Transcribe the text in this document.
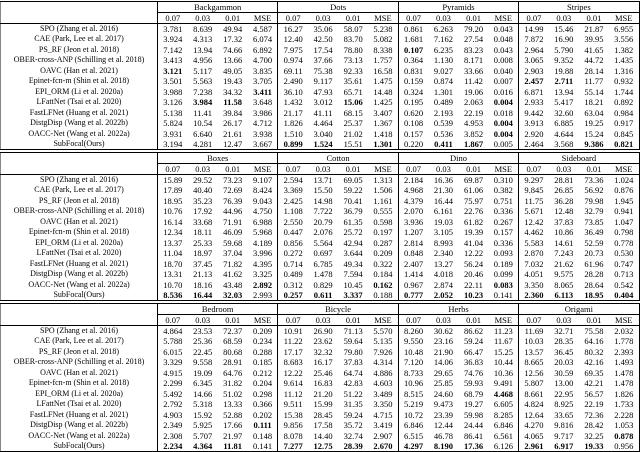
	Backgammon				Dots				Pyramids				Stripes			
	0.07	0.03	0.01	MSE	0.07	0.03	0.01	MSE	0.07	0.03	0.01	MSE	0.07	0.03	0.01	MSE
SPO (Zhang et al. 2016)	3.781	8.639	49.94	4.587	16.27	35.06	58.07	5.238	0.861	6.263	79.20	0.043	14.99	15.46	21.87	6.955
CAE (Park, Lee et al. 2017)	3.924	4.313	17.32	6.074	12.40	42.50	83.70	5.082	1.681	7.162	27.54	0.048	7.872	16.90	39.95	3.556
PS_RF (Jeon et al. 2018)	7.142	13.94	74.66	6.892	7.975	17.54	78.80	8.338	0.107	6.235	83.23	0.043	2.964	5.790	41.65	1.382
OBER-cross-ANP (Schilling et al. 2018)	3.413	4.956	13.66	4.700	0.974	37.66	73.13	1.757	0.364	1.130	8.171	0.008	3.065	9.352	44.72	1.435
OAVC (Han et al. 2021)	3.121	5.117	49.05	3.835	69.11	75.38	92.33	16.58	0.831	9.027	33.66	0.040	2.903	19.88	28.14	1.316
Epinet-fcn-m (Shin et al. 2018)	3.501	5.563	19.43	3.705	2.490	9.117	35.61	1.475	0.159	0.874	11.42	0.007	2.457	2.711	11.77	0.932
EPI_ORM (Li et al. 2020a)	3.988	7.238	34.32	3.411	36.10	47.93	65.71	14.48	0.324	1.301	19.06	0.016	6.871	13.94	55.14	1.744
LFattNet (Tsai et al. 2020)	3.126	3.984	11.58	3.648	1.432	3.012	15.06	1.425	0.195	0.489	2.063	0.004	2.933	5.417	18.21	0.892
FastLFNet (Huang et al. 2021)	5.138	11.41	39.84	3.986	21.17	41.11	68.15	3.407	0.620	2.193	22.19	0.018	9.442	32.60	63.04	0.984
DistgDisp (Wang et al. 2022b)	5.824	10.54	26.17	4.712	1.826	4.464	25.37	1.367	0.108	0.539	4.953	0.004	3.913	6.885	19.25	0.917
OACC-Net (Wang et al. 2022a)	3.931	6.640	21.61	3.938	1.510	3.040	21.02	1.418	0.157	0.536	3.852	0.004	2.920	4.644	15.24	0.845
SubFocal(Ours)	3.194	4.281	12.47	3.667	0.899	1.524	15.51	1.301	0.220	0.411	1.867	0.005	2.464	3.568	9.386	0.821
	Boxes				Cotton				Dino				Sideboard			
	0.07	0.03	0.01	MSE	0.07	0.03	0.01	MSE	0.07	0.03	0.01	MSE	0.07	0.03	0.01	MSE
SPO (Zhang et al. 2016)	15.89	29.52	73.23	9.107	2.594	13.71	69.05	1.313	2.184	16.36	69.87	0.310	9.297	28.81	73.36	1.024
CAE (Park, Lee et al. 2017)	17.89	40.40	72.69	8.424	3.369	15.50	59.22	1.506	4.968	21.30	61.06	0.382	9.845	26.85	56.92	0.876
PS_RF (Jeon et al. 2018)	18.95	35.23	76.39	9.043	2.425	14.98	70.41	1.161	4.379	16.44	75.97	0.751	11.75	36.28	79.98	1.945
OBER-cross-ANP (Schilling et al. 2018)	10.76	17.92	44.96	4.750	1.108	7.722	36.79	0.555	2.070	6.161	22.76	0.336	5.671	12.48	32.79	0.941
OAVC (Han et al. 2021)	16.14	33.68	71.91	6.988	2.550	20.79	61.35	0.598	3.936	19.03	61.82	0.267	12.42	37.83	73.85	1.047
Epinet-fcn-m (Shin et al. 2018)	12.34	18.11	46.09	5.968	0.447	2.076	25.72	0.197	1.207	3.105	19.39	0.157	4.462	10.86	36.49	0.798
EPI_ORM (Li et al. 2020a)	13.37	25.33	59.68	4.189	0.856	5.564	42.94	0.287	2.814	8.993	41.04	0.336	5.583	14.61	52.59	0.778
LFattNet (Tsai et al. 2020)	11.04	18.97	37.04	3.996	0.272	0.697	3.644	0.209	0.848	2.340	12.22	0.093	2.870	7.243	20.73	0.530
FastLFNet (Huang et al. 2021)	18.70	37.45	71.82	4.395	0.714	6.785	49.34	0.322	2.407	13.27	56.24	0.189	7.032	21.62	61.96	0.747
DistgDisp (Wang et al. 2022b)	13.31	21.13	41.62	3.325	0.489	1.478	7.594	0.184	1.414	4.018	20.46	0.099	4.051	9.575	28.28	0.713
OACC-Net (Wang et al. 2022a)	10.70	18.16	43.48	2.892	0.312	0.829	10.45	0.162	0.967	2.874	22.11	0.083	3.350	8.065	28.64	0.542
SubFocal(Ours)	8.536	16.44	32.03	2.993	0.257	0.611	3.337	0.188	0.777	2.052	10.23	0.141	2.360	6.113	18.95	0.404
	Bedroom				Bicycle				Herbs				Origami			
	0.07	0.03	0.01	MSE	0.07	0.03	0.01	MSE	0.07	0.03	0.01	MSE	0.07	0.03	0.01	MSE
SPO (Zhang et al. 2016)	4.864	23.53	72.37	0.209	10.91	26.90	71.13	5.570	8.260	30.62	86.62	11.23	11.69	32.71	75.58	2.032
CAE (Park, Lee et al. 2017)	5.788	25.36	68.59	0.234	11.22	23.62	59.64	5.135	9.550	23.16	59.24	11.67	10.03	28.35	64.16	1.778
PS_RF (Jeon et al. 2018)	6.015	22.45	80.68	0.288	17.17	32.32	79.80	7.926	10.48	21.90	66.47	15.25	13.57	36.45	80.32	2.393
OBER-cross-ANP (Schilling et al. 2018)	3.329	9.558	28.91	0.185	8.683	16.17	37.83	4.314	7.120	14.06	36.83	10.44	8.665	20.03	42.16	1.493
OAVC (Han et al. 2021)	4.915	19.09	64.76	0.212	12.22	25.46	64.74	4.886	8.733	29.65	74.76	10.36	12.56	30.59	69.35	1.478
Epinet-fcn-m (Shin et al. 2018)	2.299	6.345	31.82	0.204	9.614	16.83	42.83	4.603	10.96	25.85	59.93	9.491	5.807	13.00	42.21	1.478
EPI_ORM (Li et al. 2020a)	5.492	14.66	51.02	0.298	11.12	21.20	51.22	3.489	8.515	24.60	68.79	4.468	8.661	22.95	56.57	1.826
LFattNet (Tsai et al. 2020)	2.792	5.318	13.33	0.366	9.511	15.99	31.35	3.350	5.219	9.473	19.27	6.605	4.824	8.925	22.19	1.733
FastLFNet (Huang et al. 2021)	4.903	15.92	52.88	0.202	15.38	28.45	59.24	4.715	10.72	23.39	59.98	8.285	12.64	33.65	72.36	2.228
DistgDisp (Wang et al. 2022b)	2.349	5.925	17.66	0.111	9.856	17.58	35.72	3.419	6.846	12.44	24.44	6.846	4.270	9.816	28.42	1.053
OACC-Net (Wang et al. 2022a)	2.308	5.707	21.97	0.148	8.078	14.40	32.74	2.907	6.515	46.78	86.41	6.561	4.065	9.717	32.25	0.878
SubFocal(Ours)	2.234	4.364	11.81	0.141	7.277	12.75	28.39	2.670	4.297	8.190	17.36	6.126	2.961	6.917	19.33	0.956
